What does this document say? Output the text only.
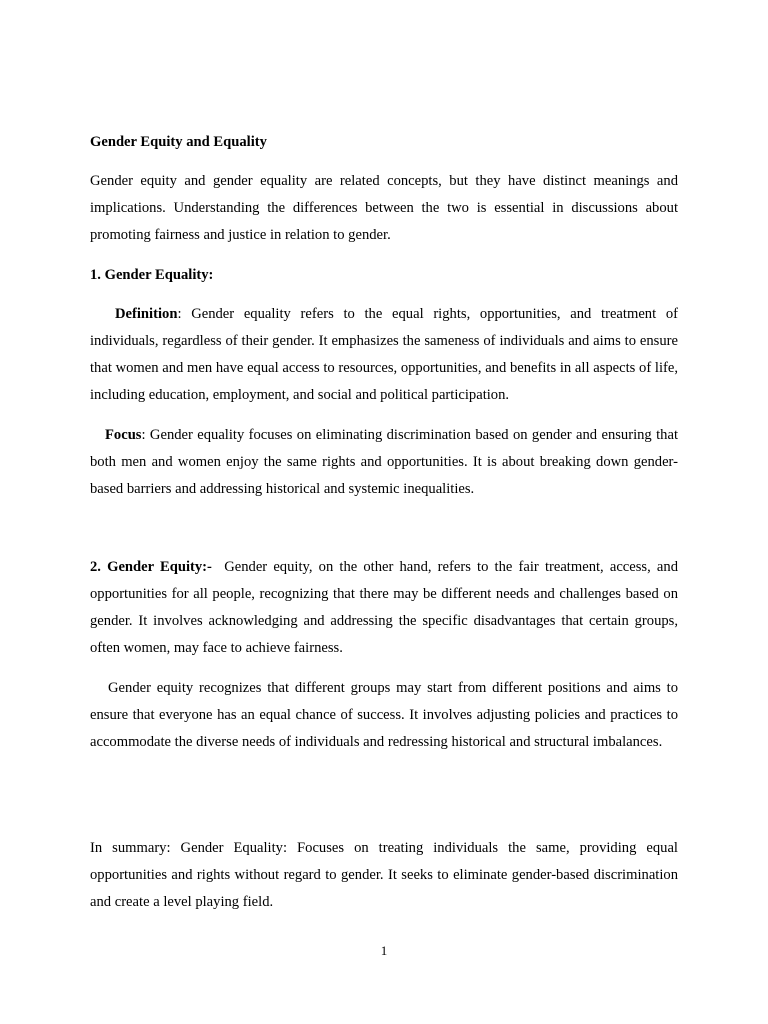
Gender Equity and Equality

Gender equity and gender equality are related concepts, but they have distinct meanings and implications. Understanding the differences between the two is essential in discussions about promoting fairness and justice in relation to gender.

1. Gender Equality:

Definition: Gender equality refers to the equal rights, opportunities, and treatment of individuals, regardless of their gender. It emphasizes the sameness of individuals and aims to ensure that women and men have equal access to resources, opportunities, and benefits in all aspects of life, including education, employment, and social and political participation.

Focus: Gender equality focuses on eliminating discrimination based on gender and ensuring that both men and women enjoy the same rights and opportunities. It is about breaking down gender-based barriers and addressing historical and systemic inequalities.

2. Gender Equity:-  Gender equity, on the other hand, refers to the fair treatment, access, and opportunities for all people, recognizing that there may be different needs and challenges based on gender. It involves acknowledging and addressing the specific disadvantages that certain groups, often women, may face to achieve fairness.

Gender equity recognizes that different groups may start from different positions and aims to ensure that everyone has an equal chance of success. It involves adjusting policies and practices to accommodate the diverse needs of individuals and redressing historical and structural imbalances.

In summary: Gender Equality: Focuses on treating individuals the same, providing equal opportunities and rights without regard to gender. It seeks to eliminate gender-based discrimination and create a level playing field.

1
